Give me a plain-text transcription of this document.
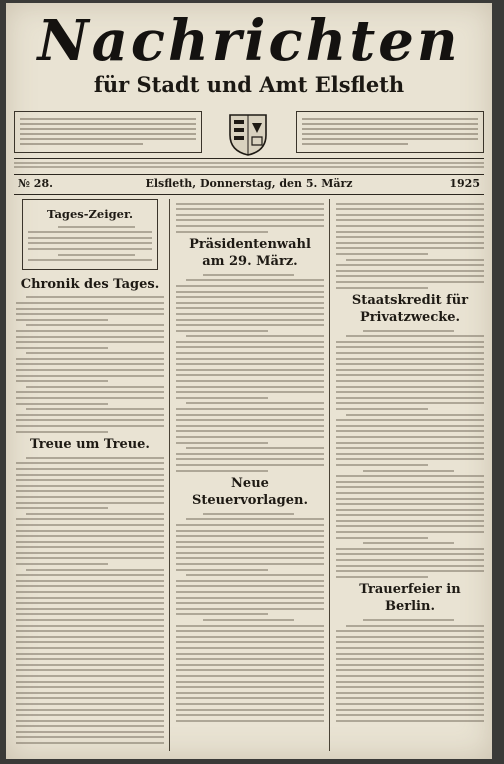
Nachrichten
für Stadt und Amt Elsfleth
№ 28.	Elsfleth, Donnerstag, den 5. März	1925
Tages-Zeiger.
Chronik des Tages.
Treue um Treue.
Präsidentenwahl am 29. März.
Neue Steuervorlagen.
Staatskredit für Privatzwecke.
Trauerfeier in Berlin.
